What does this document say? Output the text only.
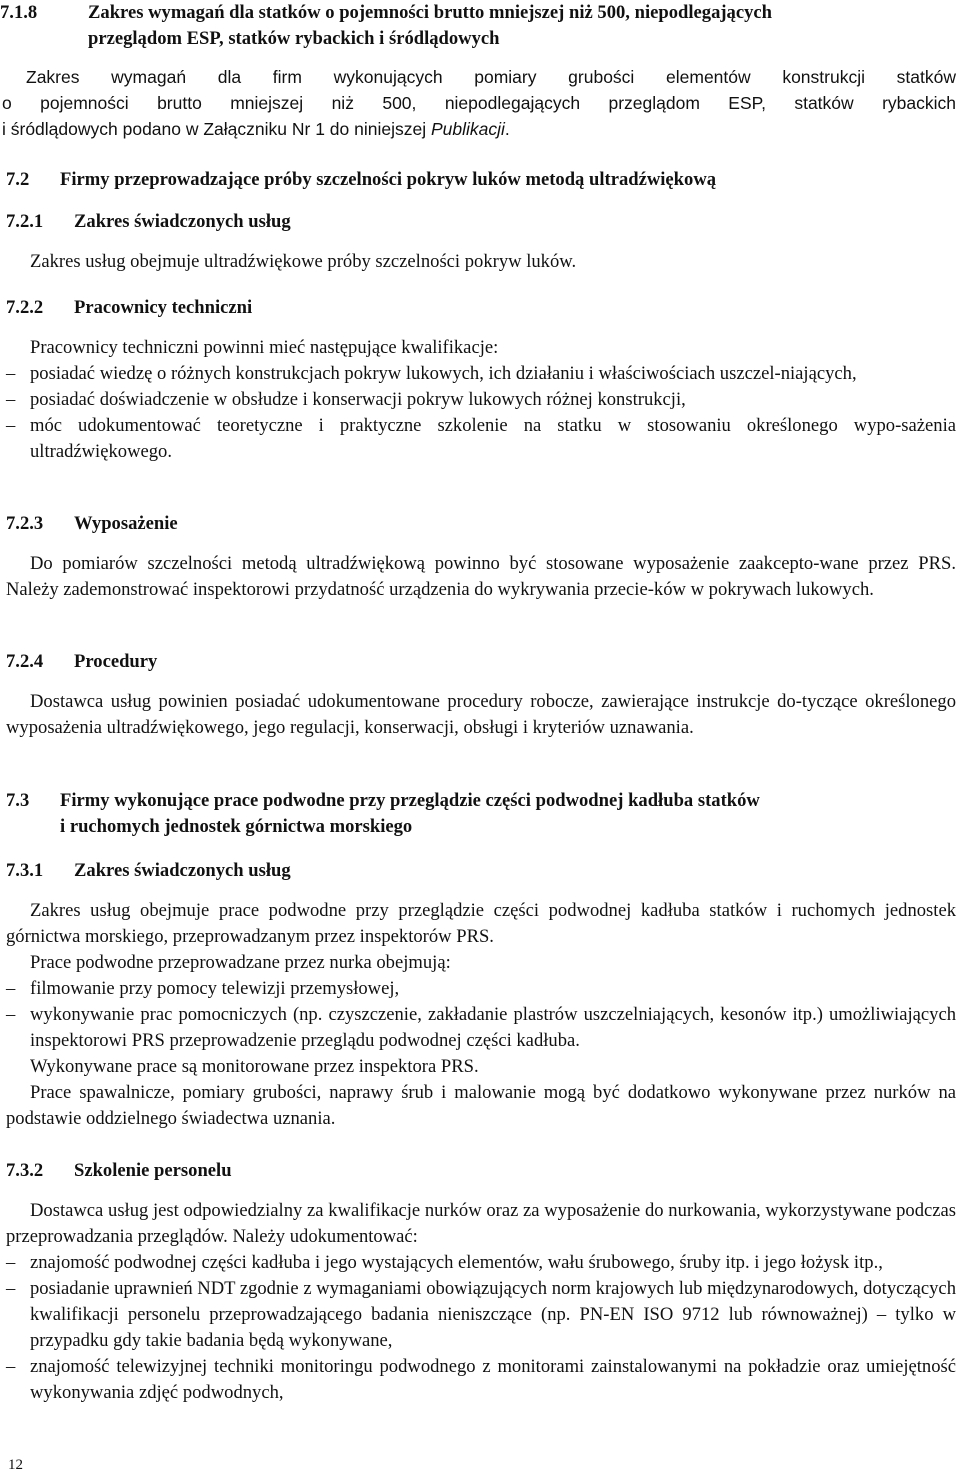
7.1.8	Zakres wymagań dla statków o pojemności brutto mniejszej niż 500, niepodlegających
przeglądom ESP, statków rybackich i śródlądowych
Zakres wymagań dla firm wykonujących pomiary grubości elementów konstrukcji statków
o pojemności brutto mniejszej niż 500, niepodlegających przeglądom ESP, statków rybackich
i śródlądowych podano w Załączniku Nr 1 do niniejszej Publikacji.
7.2	Firmy przeprowadzające próby szczelności pokryw luków metodą ultradźwiękową
7.2.1	Zakres świadczonych usług
Zakres usług obejmuje ultradźwiękowe próby szczelności pokryw luków.
7.2.2	Pracownicy techniczni
Pracownicy techniczni powinni mieć następujące kwalifikacje:
– posiadać wiedzę o różnych konstrukcjach pokryw lukowych, ich działaniu i właściwościach uszczel-niających,
– posiadać doświadczenie w obsłudze i konserwacji pokryw lukowych różnej konstrukcji,
– móc udokumentować teoretyczne i praktyczne szkolenie na statku w stosowaniu określonego wypo-sażenia ultradźwiękowego.
7.2.3	Wyposażenie
Do pomiarów szczelności metodą ultradźwiękową powinno być stosowane wyposażenie zaakcepto-wane przez PRS. Należy zademonstrować inspektorowi przydatność urządzenia do wykrywania przecie-ków w pokrywach lukowych.
7.2.4	Procedury
Dostawca usług powinien posiadać udokumentowane procedury robocze, zawierające instrukcje do-tyczące określonego wyposażenia ultradźwiękowego, jego regulacji, konserwacji, obsługi i kryteriów uznawania.
7.3	Firmy wykonujące prace podwodne przy przeglądzie części podwodnej kadłuba statków
i ruchomych jednostek górnictwa morskiego
7.3.1	Zakres świadczonych usług
Zakres usług obejmuje prace podwodne przy przeglądzie części podwodnej kadłuba statków i ruchomych jednostek górnictwa morskiego, przeprowadzanym przez inspektorów PRS.
Prace podwodne przeprowadzane przez nurka obejmują:
– filmowanie przy pomocy telewizji przemysłowej,
– wykonywanie prac pomocniczych (np. czyszczenie, zakładanie plastrów uszczelniających, kesonów itp.) umożliwiających inspektorowi PRS przeprowadzenie przeglądu podwodnej części kadłuba.
Wykonywane prace są monitorowane przez inspektora PRS.
Prace spawalnicze, pomiary grubości, naprawy śrub i malowanie mogą być dodatkowo wykonywane przez nurków na podstawie oddzielnego świadectwa uznania.
7.3.2	Szkolenie personelu
Dostawca usług jest odpowiedzialny za kwalifikacje nurków oraz za wyposażenie do nurkowania, wykorzystywane podczas przeprowadzania przeglądów. Należy udokumentować:
– znajomość podwodnej części kadłuba i jego wystających elementów, wału śrubowego, śruby itp. i jego łożysk itp.,
– posiadanie uprawnień NDT zgodnie z wymaganiami obowiązujących norm krajowych lub międzynarodowych, dotyczących kwalifikacji personelu przeprowadzającego badania nieniszczące (np. PN-EN ISO 9712 lub równoważnej) – tylko w przypadku gdy takie badania będą wykonywane,
– znajomość telewizyjnej techniki monitoringu podwodnego z monitorami zainstalowanymi na pokładzie oraz umiejętność wykonywania zdjęć podwodnych,
12
